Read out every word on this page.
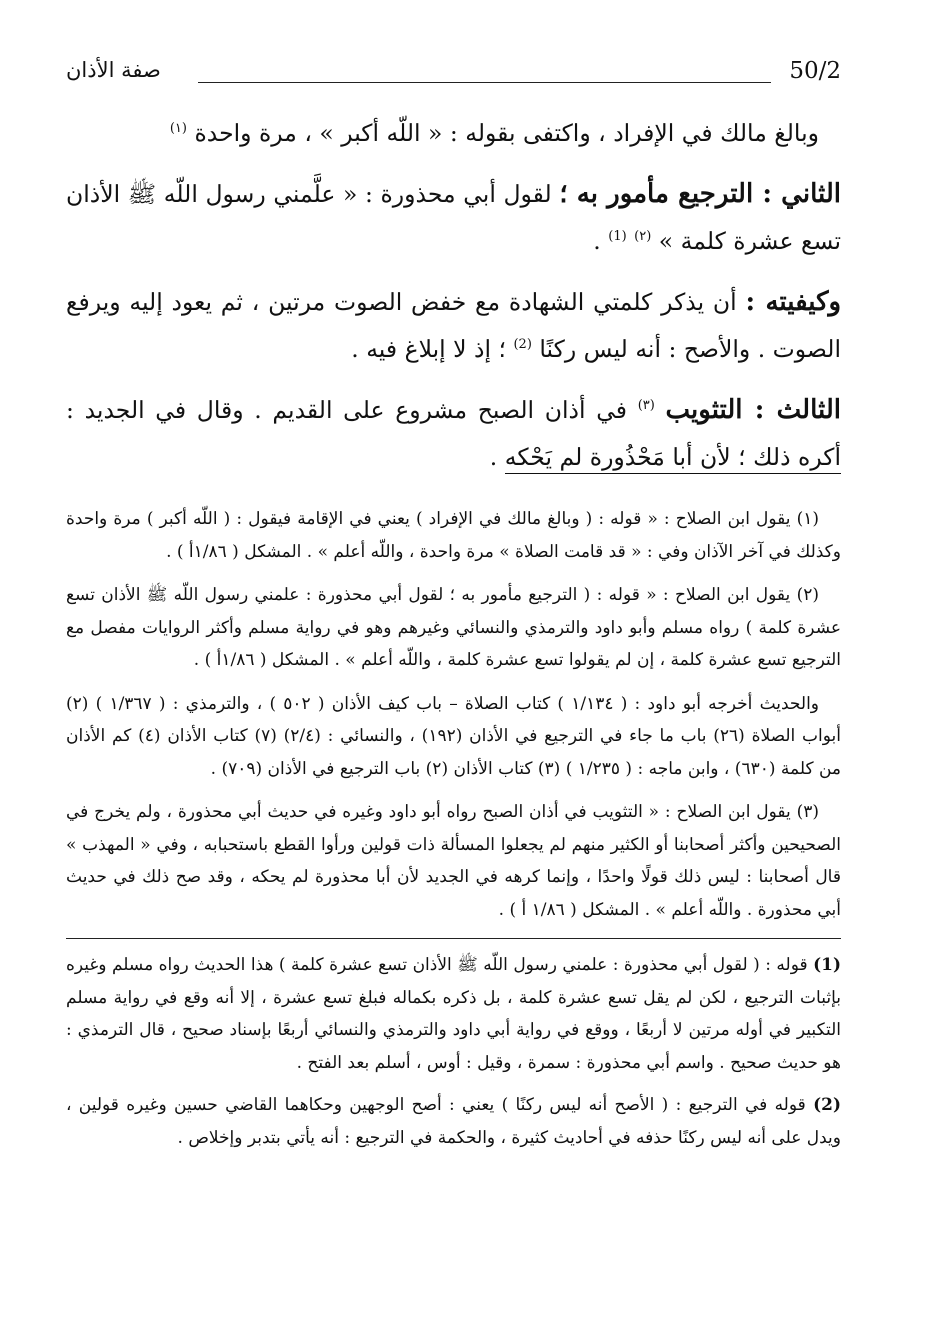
50/2
صفة الأذان

وبالغ مالك في الإفراد ، واكتفى بقوله : « اللّه أكبر » ، مرة واحدة $^{(١)}$

الثاني : الترجيع مأمور به ؛ لقول أبي محذورة : « علَّمني رسول اللّه ﷺ الأذان تسع عشرة كلمة » $^{(٢)}$ $^{(1)}$ .

وكيفيته : أن يذكر كلمتي الشهادة مع خفض الصوت مرتين ، ثم يعود إليه ويرفع الصوت . والأصح : أنه ليس ركنًا $^{(2)}$ ؛ إذ لا إبلاغ فيه .

الثالث : التثويب $^{(٣)}$ في أذان الصبح مشروع على القديم . وقال في الجديد : أكره ذلك ؛ لأن أبا مَحْذُورة لم يَحْكه .

(١) يقول ابن الصلاح : « قوله : ( وبالغ مالك في الإفراد ) يعني في الإقامة فيقول : ( اللّه أكبر ) مرة واحدة وكذلك في آخر الآذان وفي : « قد قامت الصلاة » مرة واحدة ، واللّه أعلم » . المشكل ( ١/٨٦أ ) .

(٢) يقول ابن الصلاح : « قوله : ( الترجيع مأمور به ؛ لقول أبي محذورة : علمني رسول اللّه ﷺ الأذان تسع عشرة كلمة ) رواه مسلم وأبو داود والترمذي والنسائي وغيرهم وهو في رواية مسلم وأكثر الروايات مفصل مع الترجيع تسع عشرة كلمة ، إن لم يقولوا تسع عشرة كلمة ، واللّه أعلم » . المشكل ( ١/٨٦أ ) .

والحديث أخرجه أبو داود : ( ١/١٣٤ ) كتاب الصلاة – باب كيف الأذان ( ٥٠٢ ) ، والترمذي : ( ١/٣٦٧ ) (٢) أبواب الصلاة (٢٦) باب ما جاء في الترجيع في الأذان (١٩٢) ، والنسائي : (٢/٤) (٧) كتاب الأذان (٤) كم الأذان من كلمة (٦٣٠) ، وابن ماجه : ( ١/٢٣٥ ) (٣) كتاب الأذان (٢) باب الترجيع في الأذان (٧٠٩) .

(٣) يقول ابن الصلاح : « التثويب في أذان الصبح رواه أبو داود وغيره في حديث أبي محذورة ، ولم يخرج في الصحيحين وأكثر أصحابنا أو الكثير منهم لم يجعلوا المسألة ذات قولين ورأوا القطع باستحبابه ، وفي « المهذب » قال أصحابنا : ليس ذلك قولًا واحدًا ، وإنما كرهه في الجديد لأن أبا محذورة لم يحكه ، وقد صح ذلك في حديث أبي محذورة . واللّه أعلم » . المشكل ( ١/٨٦ أ ) .

(1) قوله : ( لقول أبي محذورة : علمني رسول اللّه ﷺ الأذان تسع عشرة كلمة ) هذا الحديث رواه مسلم وغيره بإثبات الترجيع ، لكن لم يقل تسع عشرة كلمة ، بل ذكره بكماله فبلغ تسع عشرة ، إلا أنه وقع في رواية مسلم التكبير في أوله مرتين لا أربعًا ، ووقع في رواية أبي داود والترمذي والنسائي أربعًا بإسناد صحيح ، قال الترمذي : هو حديث صحيح . واسم أبي محذورة : سمرة ، وقيل : أوس ، أسلم بعد الفتح .

(2) قوله في الترجيع : ( الأصح أنه ليس ركنًا ) يعني : أصح الوجهين وحكاهما القاضي حسين وغيره قولين ، ويدل على أنه ليس ركنًا حذفه في أحاديث كثيرة ، والحكمة في الترجيع : أنه يأتي بتدبر وإخلاص .
